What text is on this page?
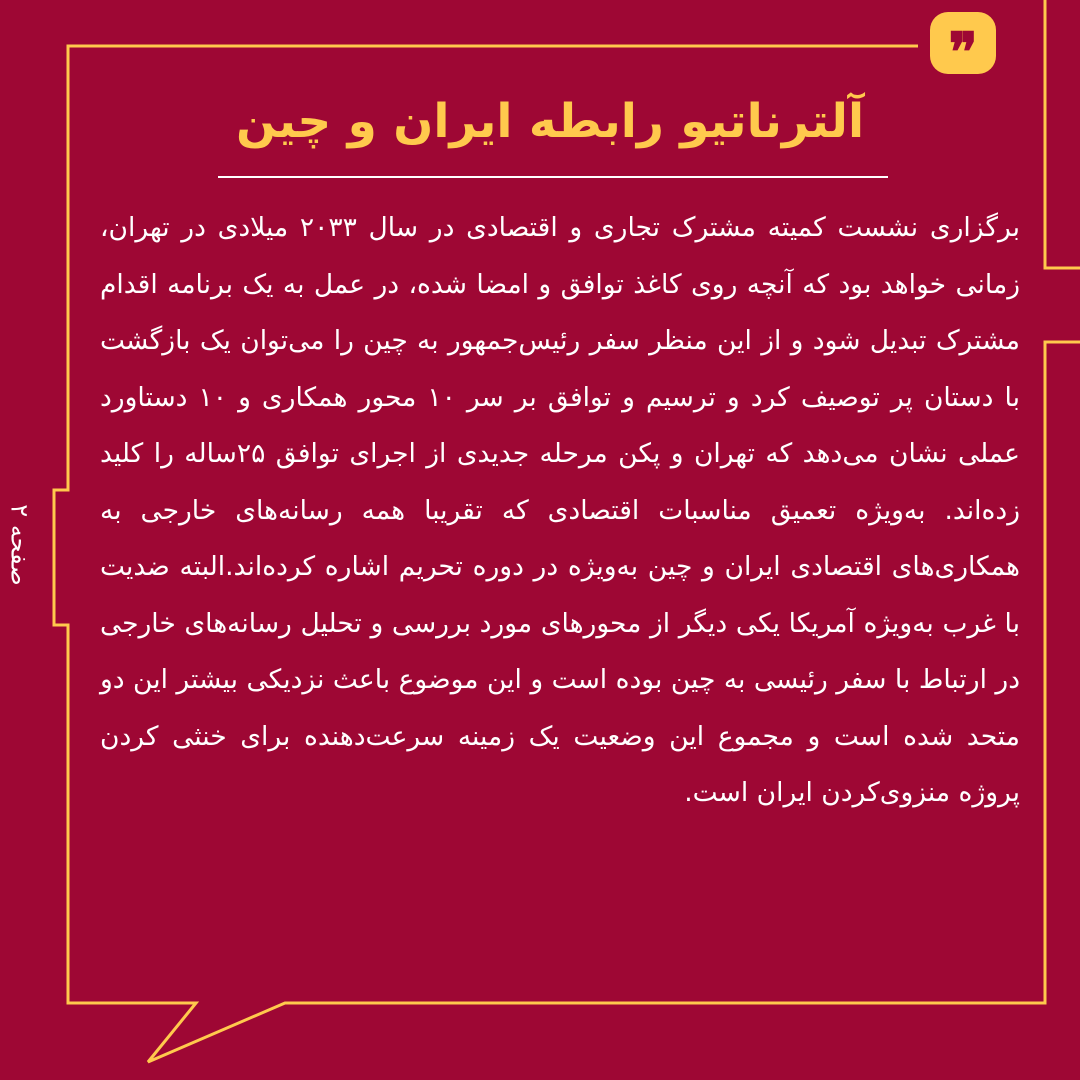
❞
آلترناتیو رابطه ایران و چین

برگزاری نشست کمیته مشترک تجاری و اقتصادی در سال ۲۰۳۳ میلادی در تهران، زمانی خواهد بود که آنچه روی کاغذ توافق و امضا شده، در عمل به یک برنامه اقدام مشترک تبدیل شود و از این منظر سفر رئیس‌جمهور به چین را می‌توان یک بازگشت با دستان پر توصیف کرد و ترسیم و توافق بر سر ۱۰ محور همکاری و ۱۰ دستاورد عملی نشان می‌دهد که تهران و پکن مرحله جدیدی از اجرای توافق ۲۵ساله را کلید زده‌اند. به‌ویژه تعمیق مناسبات اقتصادی که تقریبا همه رسانه‌های خارجی به همکاری‌های اقتصادی ایران و چین به‌ویژه در دوره تحریم اشاره کرده‌اند.البته ضدیت با غرب به‌ویژه آمریکا یکی دیگر از محورهای مورد بررسی و تحلیل رسانه‌های خارجی در ارتباط با سفر رئیسی به چین بوده است و این موضوع باعث نزدیکی بیشتر این دو متحد شده است و مجموع این وضعیت یک زمینه سرعت‌دهنده برای خنثی کردن پروژه منزوی‌کردن ایران است.

صفحه ۲
